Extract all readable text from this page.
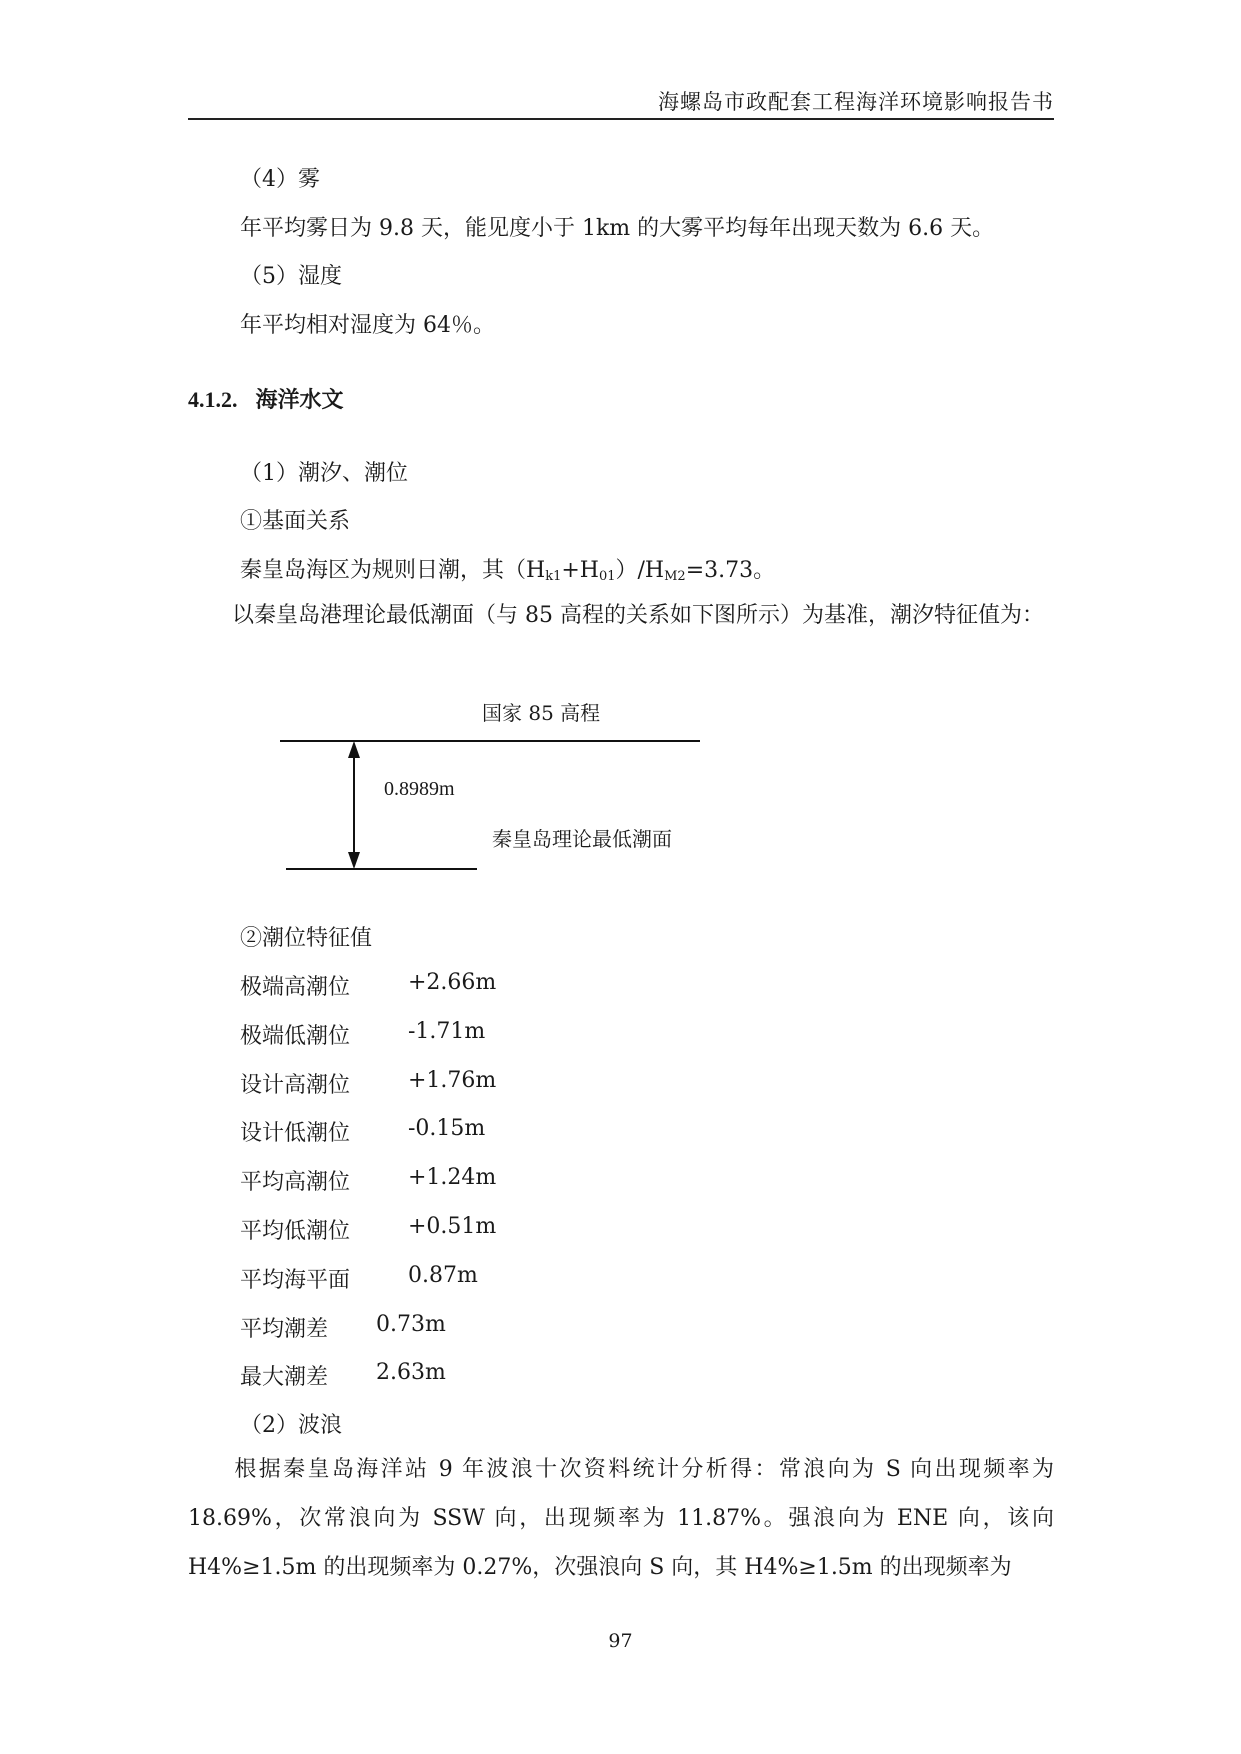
海螺岛市政配套工程海洋环境影响报告书
（4）雾
年平均雾日为 9.8 天，能见度小于 1km 的大雾平均每年出现天数为 6.6 天。
（5）湿度
年平均相对湿度为 64％。
4.1.2. 海洋水文
（1）潮汐、潮位
①基面关系
秦皇岛海区为规则日潮，其$(H_{k1}+H_{01})/H_{M2}=3.73$。
以秦皇岛港理论最低潮面（与 85 高程的关系如下图所示）为基准，潮汐特征值为：
国家 85 高程
0.8989m
秦皇岛理论最低潮面
②潮位特征值
极端高潮位	+2.66m
极端低潮位	-1.71m
设计高潮位	+1.76m
设计低潮位	-0.15m
平均高潮位	+1.24m
平均低潮位	+0.51m
平均海平面	0.87m
平均潮差 0.73m
最大潮差 2.63m
（2）波浪
根据秦皇岛海洋站 9 年波浪十次资料统计分析得：常浪向为 S 向出现频率为 18.69%，次常浪向为 SSW 向，出现频率为 11.87%。强浪向为 ENE 向，该向 H4%≥1.5m 的出现频率为 0.27%，次强浪向 S 向，其 H4%≥1.5m 的出现频率为
97
